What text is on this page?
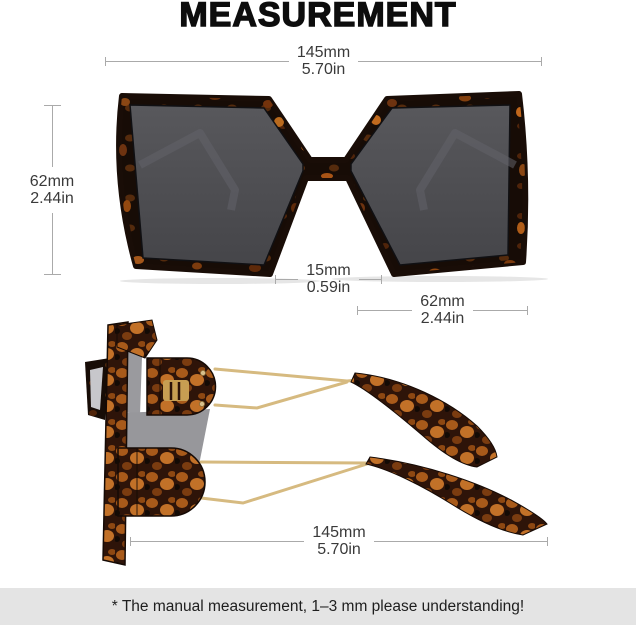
MEASUREMENT
145mm
5.70in
62mm
2.44in
15mm
0.59in
62mm
2.44in
145mm
5.70in
* The manual measurement, 1–3 mm please understanding!
